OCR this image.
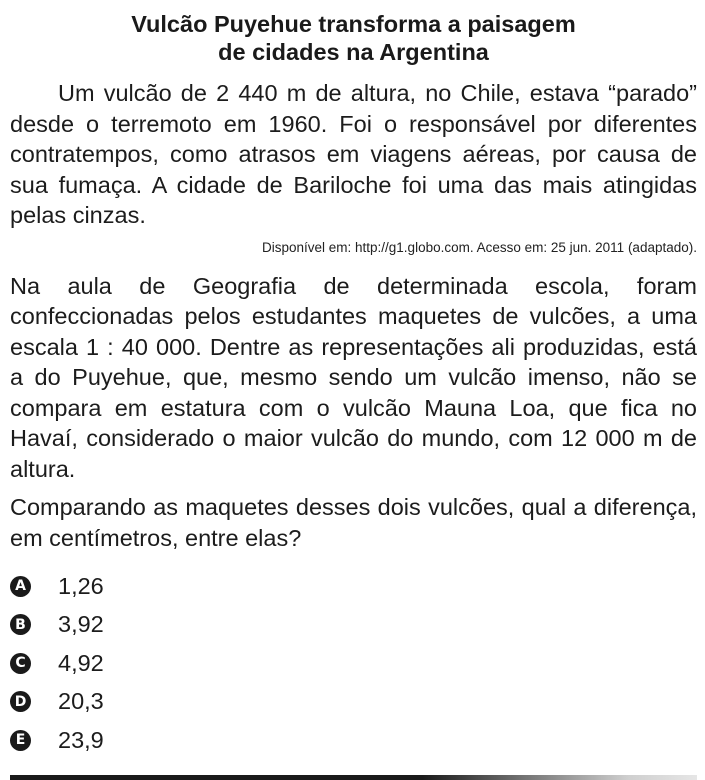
Vulcão Puyehue transforma a paisagem
de cidades na Argentina

Um vulcão de 2 440 m de altura, no Chile, estava “parado” desde o terremoto em 1960. Foi o responsável por diferentes contratempos, como atrasos em viagens aéreas, por causa de sua fumaça. A cidade de Bariloche foi uma das mais atingidas pelas cinzas.

Disponível em: http://g1.globo.com. Acesso em: 25 jun. 2011 (adaptado).

Na aula de Geografia de determinada escola, foram confeccionadas pelos estudantes maquetes de vulcões, a uma escala 1 : 40 000. Dentre as representações ali produzidas, está a do Puyehue, que, mesmo sendo um vulcão imenso, não se compara em estatura com o vulcão Mauna Loa, que fica no Havaí, considerado o maior vulcão do mundo, com 12 000 m de altura.

Comparando as maquetes desses dois vulcões, qual a diferença, em centímetros, entre elas?

A 1,26
B 3,92
C 4,92
D 20,3
E 23,9
